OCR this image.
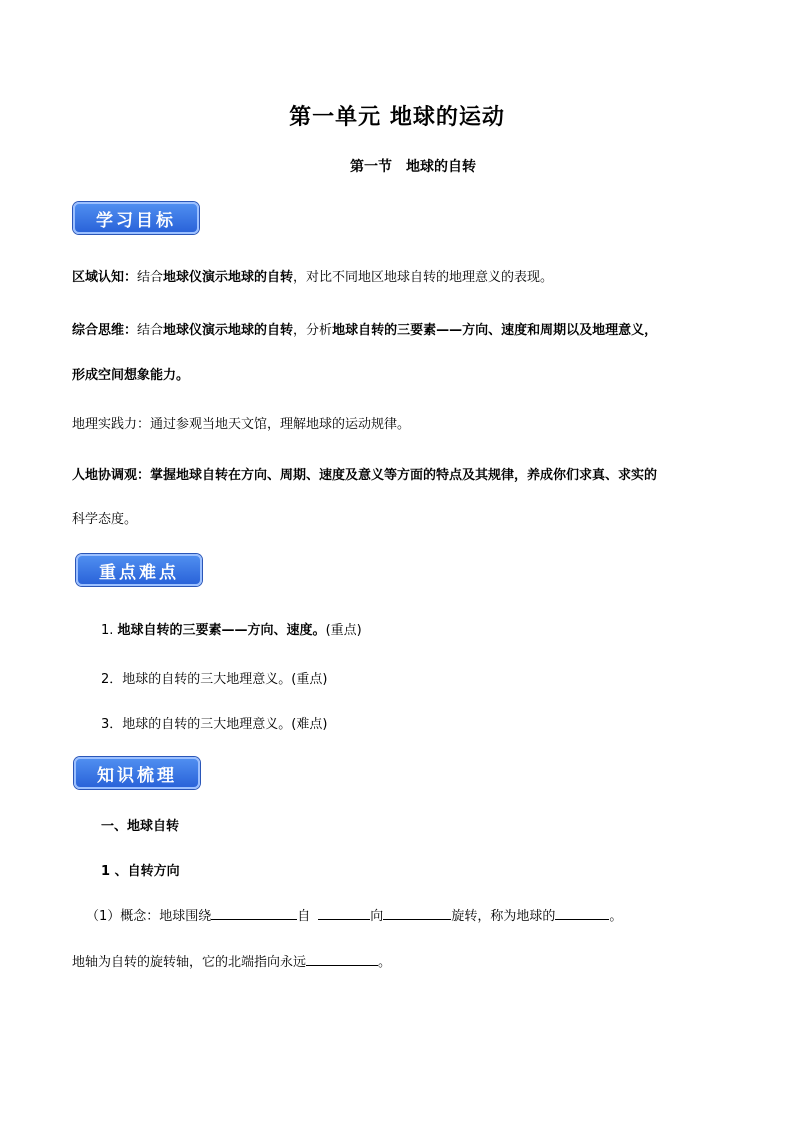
第一单元 地球的运动
第一节　地球的自转
学习目标
区域认知：结合地球仪演示地球的自转，对比不同地区地球自转的地理意义的表现。
综合思维：结合地球仪演示地球的自转，分析地球自转的三要素——方向、速度和周期以及地理意义，
形成空间想象能力。
地理实践力：通过参观当地天文馆，理解地球的运动规律。
人地协调观：掌握地球自转在方向、周期、速度及意义等方面的特点及其规律，养成你们求真、求实的
科学态度。
重点难点
1. 地球自转的三要素——方向、速度。(重点)
2．地球的自转的三大地理意义。(重点)
3．地球的自转的三大地理意义。(难点)
知识梳理
一、地球自转
1 、自转方向
（1）概念：地球围绕	自	向	旋转，称为地球的	。
地轴为自转的旋转轴，它的北端指向永远	。
